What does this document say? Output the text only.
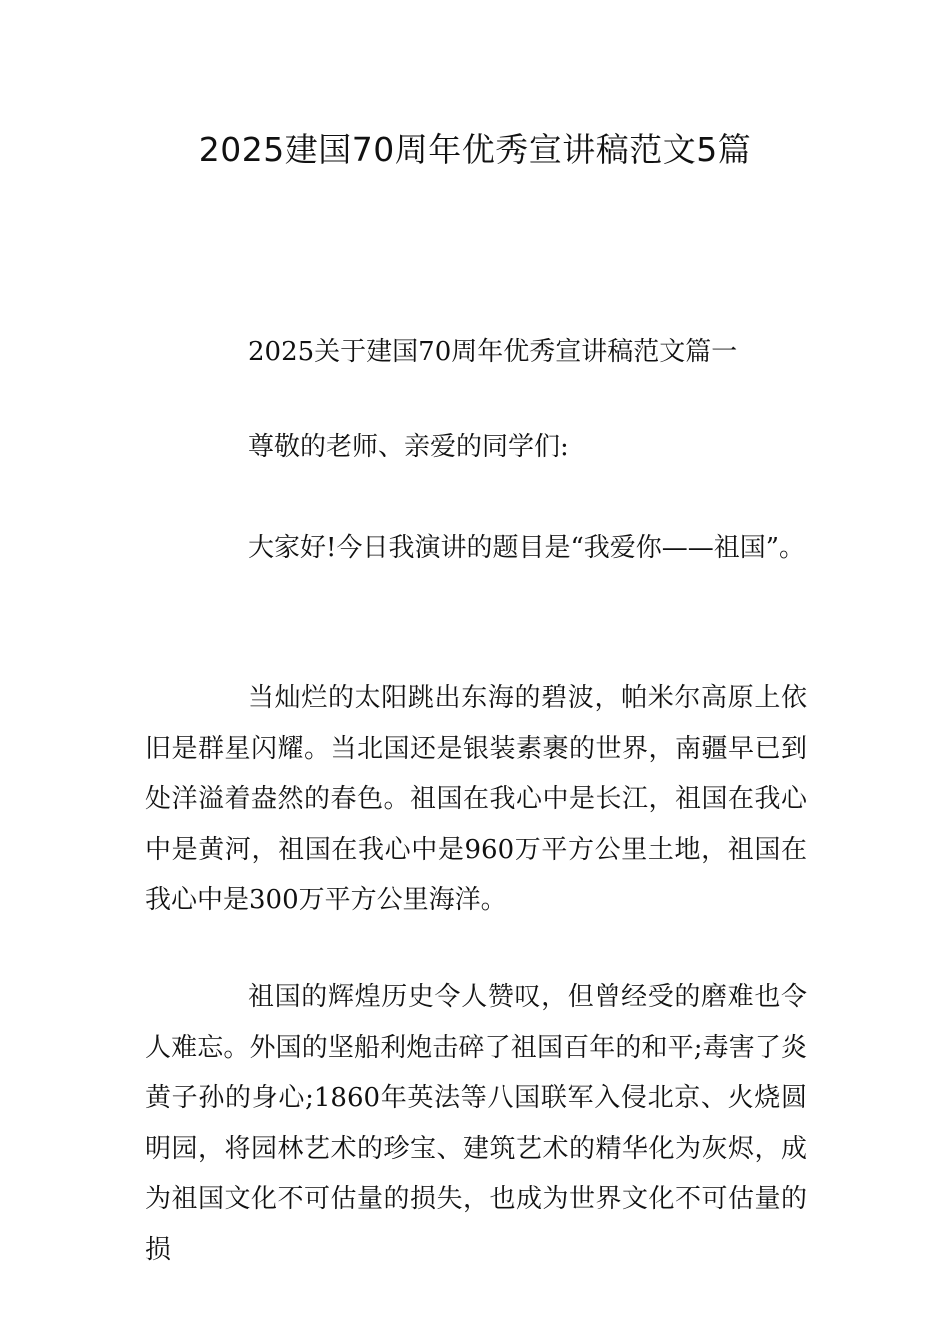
2025建国70周年优秀宣讲稿范文5篇

2025关于建国70周年优秀宣讲稿范文篇一

尊敬的老师、亲爱的同学们:

大家好!今日我演讲的题目是“我爱你——祖国”。

当灿烂的太阳跳出东海的碧波，帕米尔高原上依旧是群星闪耀。当北国还是银装素裹的世界，南疆早已到处洋溢着盎然的春色。祖国在我心中是长江，祖国在我心中是黄河，祖国在我心中是960万平方公里土地，祖国在我心中是300万平方公里海洋。

祖国的辉煌历史令人赞叹，但曾经受的磨难也令人难忘。外国的坚船利炮击碎了祖国百年的和平;毒害了炎黄子孙的身心;1860年英法等八国联军入侵北京、火烧圆明园，将园林艺术的珍宝、建筑艺术的精华化为灰烬，成为祖国文化不可估量的损失，也成为世界文化不可估量的损
